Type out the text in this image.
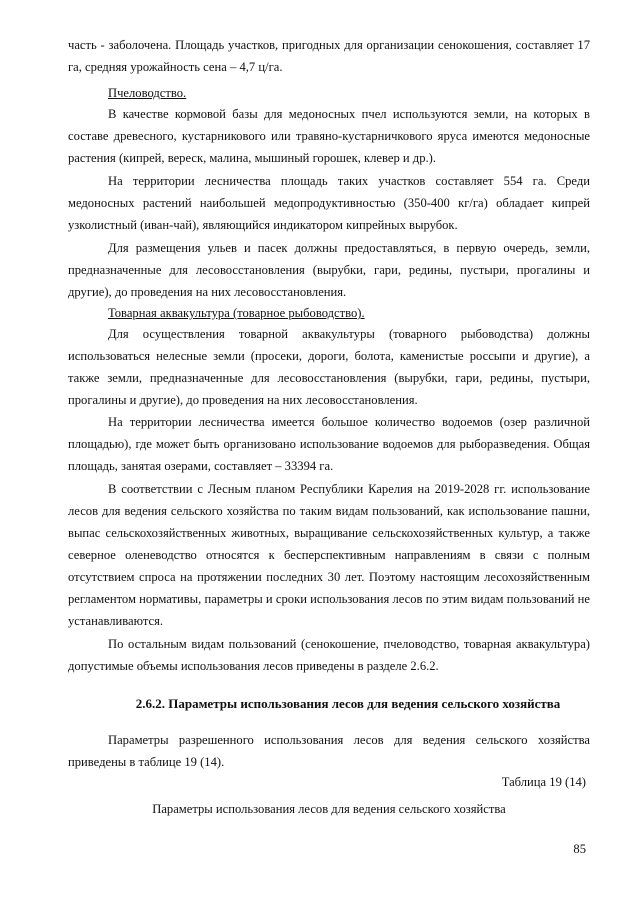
часть - заболочена. Площадь участков, пригодных для организации сенокошения, составляет 17 га, средняя урожайность сена – 4,7 ц/га.

Пчеловодство.

В качестве кормовой базы для медоносных пчел используются земли, на которых в составе древесного, кустарникового или травяно-кустарничкового яруса имеются медоносные растения (кипрей, вереск, малина, мышиный горошек, клевер и др.).

На территории лесничества площадь таких участков составляет 554 га. Среди медоносных растений наибольшей медопродуктивностью (350-400 кг/га) обладает кипрей узколистный (иван-чай), являющийся индикатором кипрейных вырубок.

Для размещения ульев и пасек должны предоставляться, в первую очередь, земли, предназначенные для лесовосстановления (вырубки, гари, редины, пустыри, прогалины и другие), до проведения на них лесовосстановления.

Товарная аквакультура (товарное рыбоводство).

Для осуществления товарной аквакультуры (товарного рыбоводства) должны использоваться нелесные земли (просеки, дороги, болота, каменистые россыпи и другие), а также земли, предназначенные для лесовосстановления (вырубки, гари, редины, пустыри, прогалины и другие), до проведения на них лесовосстановления.

На территории лесничества имеется большое количество водоемов (озер различной площадью), где может быть организовано использование водоемов для рыборазведения. Общая площадь, занятая озерами, составляет – 33394 га.

В соответствии с Лесным планом Республики Карелия на 2019-2028 гг. использование лесов для ведения сельского хозяйства по таким видам пользований, как использование пашни, выпас сельскохозяйственных животных, выращивание сельскохозяйственных культур, а также северное оленеводство относятся к бесперспективным направлениям в связи с полным отсутствием спроса на протяжении последних 30 лет. Поэтому настоящим лесохозяйственным регламентом нормативы, параметры и сроки использования лесов по этим видам пользований не устанавливаются.

По остальным видам пользований (сенокошение, пчеловодство, товарная аквакультура) допустимые объемы использования лесов приведены в разделе 2.6.2.

2.6.2. Параметры использования лесов для ведения сельского хозяйства

Параметры разрешенного использования лесов для ведения сельского хозяйства приведены в таблице 19 (14).

Таблица 19 (14)

Параметры использования лесов для ведения сельского хозяйства

85
